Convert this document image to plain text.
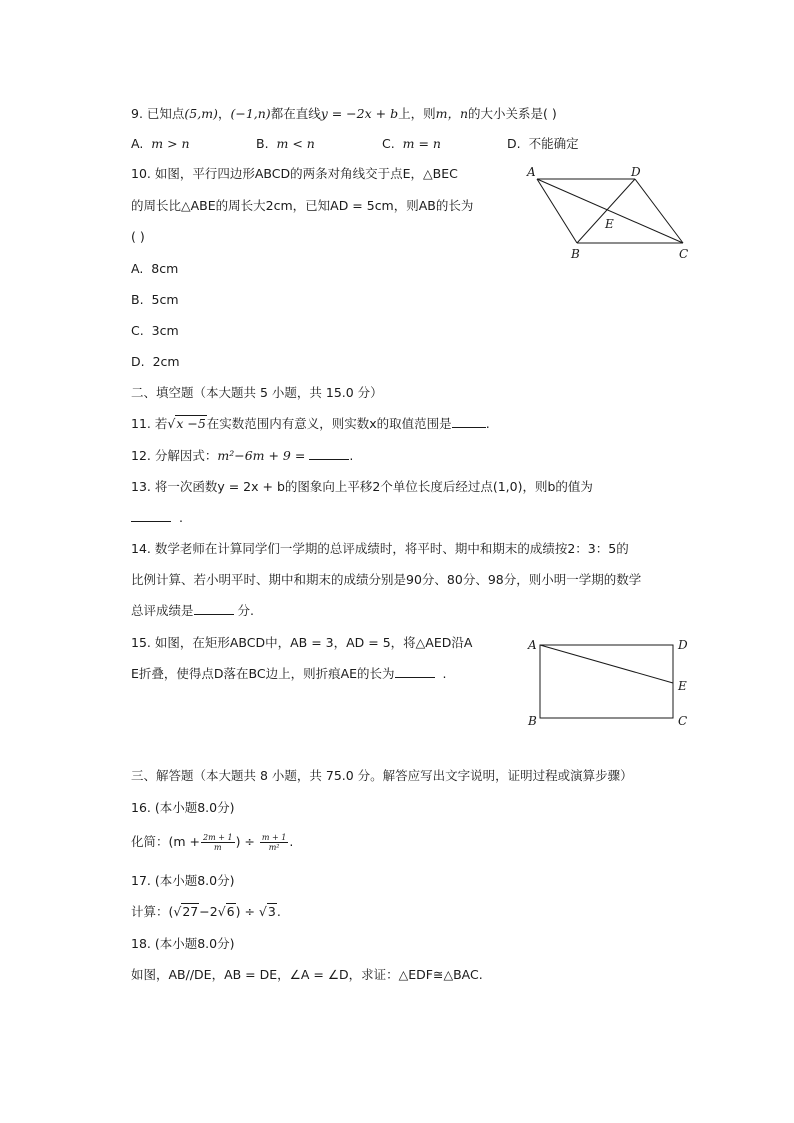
9. 已知点(5,m)，(−1,n)都在直线y = −2x + b上，则m，n的大小关系是( )
A. m > n	B. m < n	C. m = n	D. 不能确定
10. 如图，平行四边形ABCD的两条对角线交于点E，△BEC
的周长比△ABE的周长大2cm，已知AD = 5cm，则AB的长为
( )
A. 8cm
B. 5cm
C. 3cm
D. 2cm
A	D
E
B	C
二、填空题（本大题共 5 小题，共 15.0 分）
11. 若√x −5在实数范围内有意义，则实数x的取值范围是	.
12. 分解因式：m²−6m + 9 =	.
13. 将一次函数y = 2x + b的图象向上平移2个单位长度后经过点(1,0)，则b的值为
.
14. 数学老师在计算同学们一学期的总评成绩时，将平时、期中和期末的成绩按2：3：5的
比例计算、若小明平时、期中和期末的成绩分别是90分、80分、98分，则小明一学期的数学
总评成绩是	分.
15. 如图，在矩形ABCD中，AB = 3，AD = 5，将△AED沿A
E折叠，使得点D落在BC边上，则折痕AE的长为	.
A	D
E
B	C
三、解答题（本大题共 8 小题，共 75.0 分。解答应写出文字说明，证明过程或演算步骤）
16. (本小题8.0分)
化简：($m + \frac{2m + 1}{m}$ ) ÷ $\frac{m + 1}{\text{m²}}$ .
17. (本小题8.0分)
计算：(√27−2√6) ÷ √3.
18. (本小题8.0分)
如图，AB//DE，AB = DE，∠A = ∠D，求证：△EDF≅△BAC.
